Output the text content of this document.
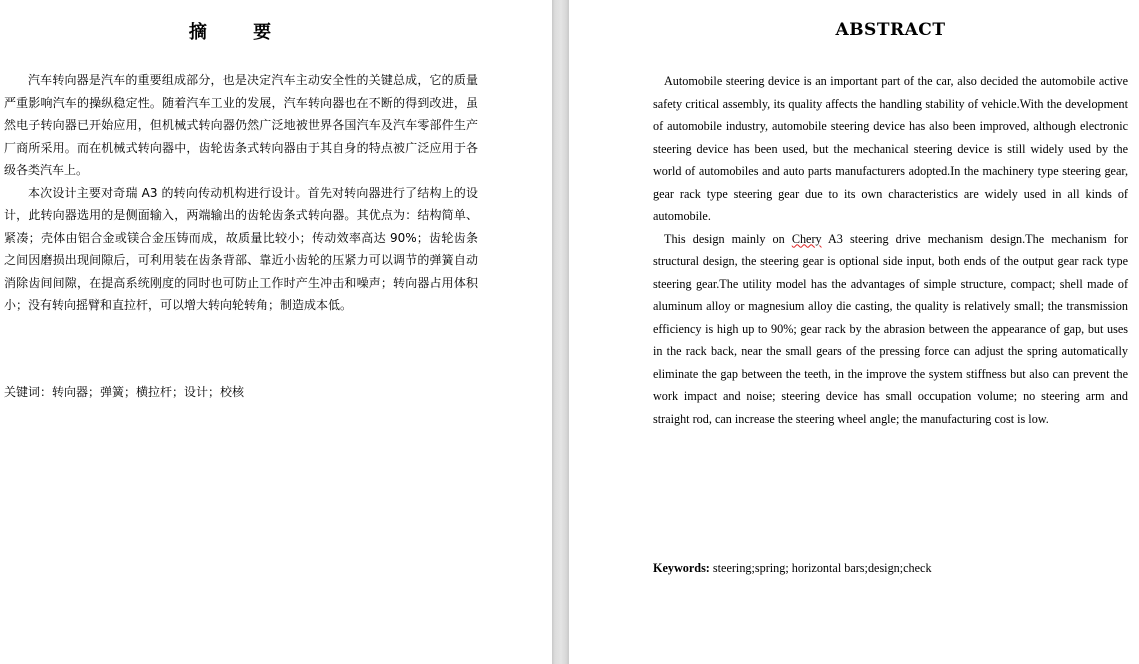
摘 要

汽车转向器是汽车的重要组成部分，也是决定汽车主动安全性的关键总成，它的质量严重影响汽车的操纵稳定性。随着汽车工业的发展，汽车转向器也在不断的得到改进，虽然电子转向器已开始应用，但机械式转向器仍然广泛地被世界各国汽车及汽车零部件生产厂商所采用。而在机械式转向器中，齿轮齿条式转向器由于其自身的特点被广泛应用于各级各类汽车上。

本次设计主要对奇瑞 A3 的转向传动机构进行设计。首先对转向器进行了结构上的设计，此转向器选用的是侧面输入，两端输出的齿轮齿条式转向器。其优点为：结构简单、紧凑；壳体由铝合金或镁合金压铸而成，故质量比较小；传动效率高达 90%；齿轮齿条之间因磨损出现间隙后，可利用装在齿条背部、靠近小齿轮的压紧力可以调节的弹簧自动消除齿间间隙，在提高系统刚度的同时也可防止工作时产生冲击和噪声；转向器占用体积小；没有转向摇臂和直拉杆，可以增大转向轮转角；制造成本低。

关键词：转向器；弹簧；横拉杆；设计；校核
ABSTRACT

Automobile steering device is an important part of the car, also decided the automobile active safety critical assembly, its quality affects the handling stability of vehicle.With the development of automobile industry, automobile steering device has also been improved, although electronic steering device has been used, but the mechanical steering device is still widely used by the world of automobiles and auto parts manufacturers adopted.In the machinery type steering gear, gear rack type steering gear due to its own characteristics are widely used in all kinds of automobile.

This design mainly on Chery A3 steering drive mechanism design.The mechanism for structural design, the steering gear is optional side input, both ends of the output gear rack type steering gear.The utility model has the advantages of simple structure, compact; shell made of aluminum alloy or magnesium alloy die casting, the quality is relatively small; the transmission efficiency is high up to 90%; gear rack by the abrasion between the appearance of gap, but uses in the rack back, near the small gears of the pressing force can adjust the spring automatically eliminate the gap between the teeth, in the improve the system stiffness but also can prevent the work impact and noise; steering device has small occupation volume; no steering arm and straight rod, can increase the steering wheel angle; the manufacturing cost is low.

Keywords: steering;spring; horizontal bars;design;check
